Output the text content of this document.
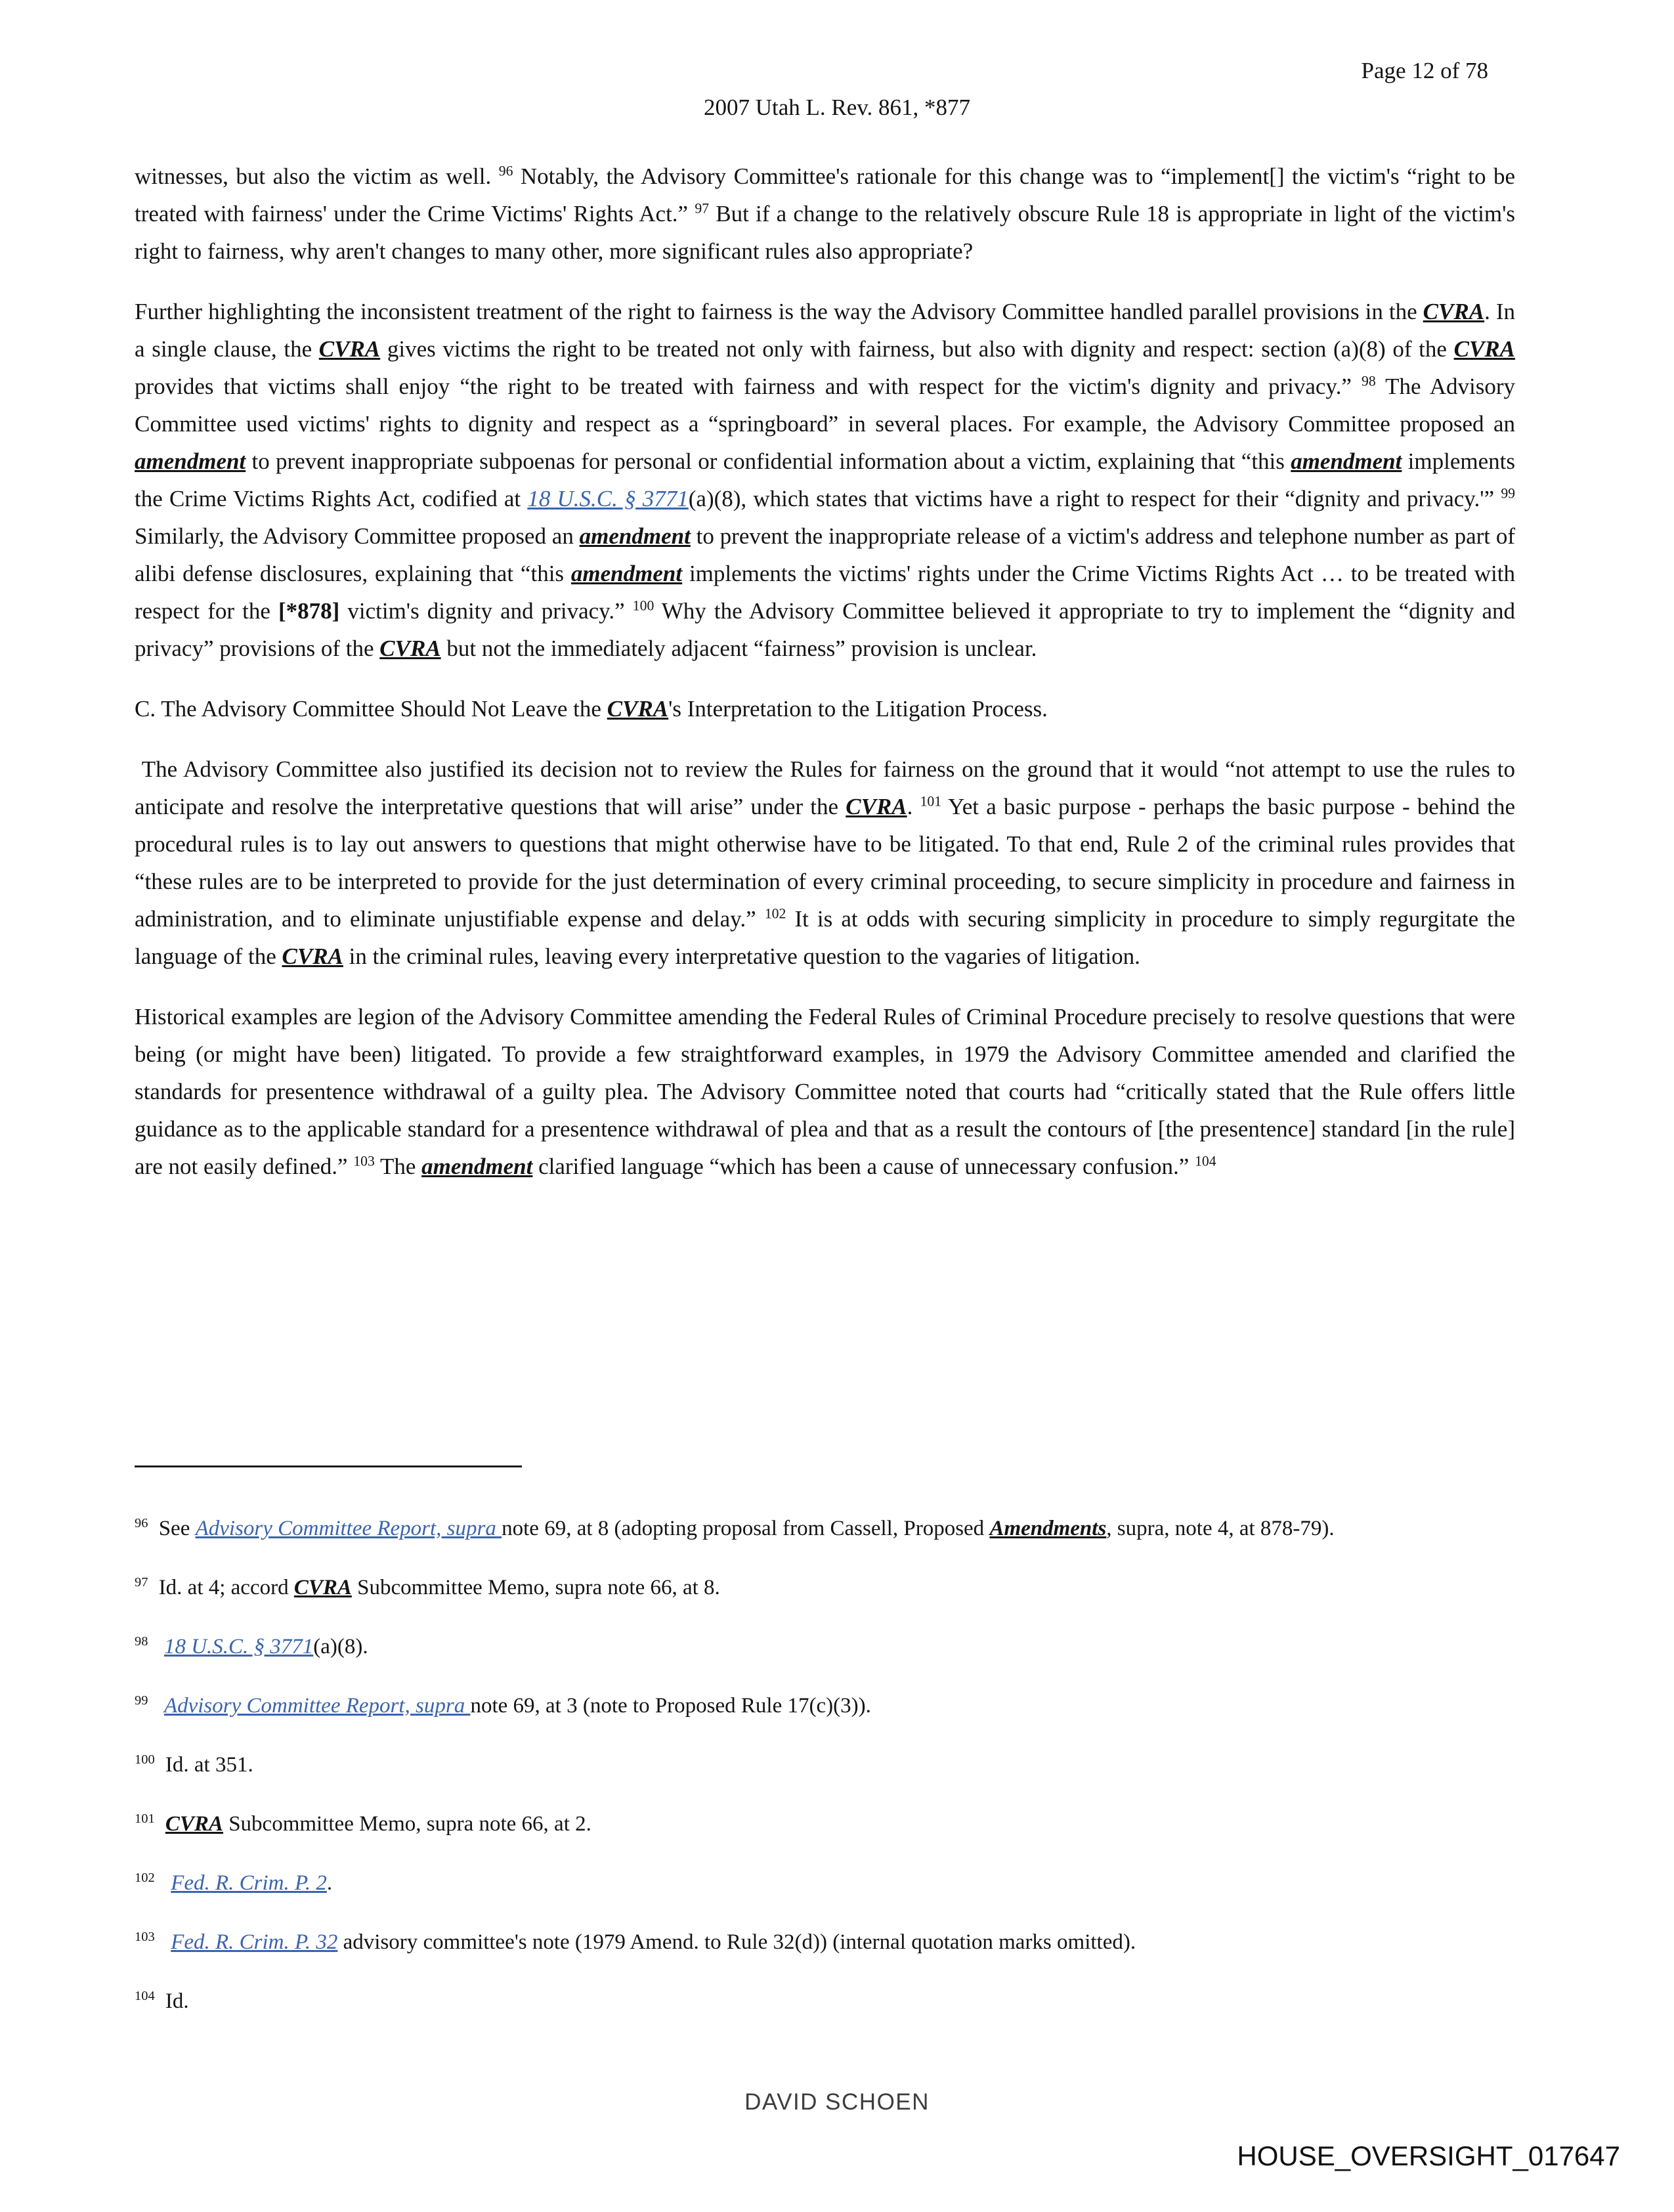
Page 12 of 78
2007 Utah L. Rev. 861, *877

witnesses, but also the victim as well. $^{96}$ Notably, the Advisory Committee's rationale for this change was to “implement[] the victim's “right to be treated with fairness' under the Crime Victims' Rights Act.” $^{97}$ But if a change to the relatively obscure Rule 18 is appropriate in light of the victim's right to fairness, why aren't changes to many other, more significant rules also appropriate?

Further highlighting the inconsistent treatment of the right to fairness is the way the Advisory Committee handled parallel provisions in the CVRA. In a single clause, the CVRA gives victims the right to be treated not only with fairness, but also with dignity and respect: section (a)(8) of the CVRA provides that victims shall enjoy “the right to be treated with fairness and with respect for the victim's dignity and privacy.” $^{98}$ The Advisory Committee used victims' rights to dignity and respect as a “springboard” in several places. For example, the Advisory Committee proposed an amendment to prevent inappropriate subpoenas for personal or confidential information about a victim, explaining that “this amendment implements the Crime Victims Rights Act, codified at 18 U.S.C. § 3771(a)(8), which states that victims have a right to respect for their “dignity and privacy.'” $^{99}$ Similarly, the Advisory Committee proposed an amendment to prevent the inappropriate release of a victim's address and telephone number as part of alibi defense disclosures, explaining that “this amendment implements the victims' rights under the Crime Victims Rights Act … to be treated with respect for the [*878] victim's dignity and privacy.” $^{100}$ Why the Advisory Committee believed it appropriate to try to implement the “dignity and privacy” provisions of the CVRA but not the immediately adjacent “fairness” provision is unclear.

C. The Advisory Committee Should Not Leave the CVRA's Interpretation to the Litigation Process.

The Advisory Committee also justified its decision not to review the Rules for fairness on the ground that it would “not attempt to use the rules to anticipate and resolve the interpretative questions that will arise” under the CVRA. $^{101}$ Yet a basic purpose - perhaps the basic purpose - behind the procedural rules is to lay out answers to questions that might otherwise have to be litigated. To that end, Rule 2 of the criminal rules provides that “these rules are to be interpreted to provide for the just determination of every criminal proceeding, to secure simplicity in procedure and fairness in administration, and to eliminate unjustifiable expense and delay.” $^{102}$ It is at odds with securing simplicity in procedure to simply regurgitate the language of the CVRA in the criminal rules, leaving every interpretative question to the vagaries of litigation.

Historical examples are legion of the Advisory Committee amending the Federal Rules of Criminal Procedure precisely to resolve questions that were being (or might have been) litigated. To provide a few straightforward examples, in 1979 the Advisory Committee amended and clarified the standards for presentence withdrawal of a guilty plea. The Advisory Committee noted that courts had “critically stated that the Rule offers little guidance as to the applicable standard for a presentence withdrawal of plea and that as a result the contours of [the presentence] standard [in the rule] are not easily defined.” $^{103}$ The amendment clarified language “which has been a cause of unnecessary confusion.” $^{104}$

$^{96}$ See Advisory Committee Report, supra note 69, at 8 (adopting proposal from Cassell, Proposed Amendments, supra, note 4, at 878-79).

$^{97}$ Id. at 4; accord CVRA Subcommittee Memo, supra note 66, at 8.

$^{98}$ 18 U.S.C. § 3771(a)(8).

$^{99}$ Advisory Committee Report, supra note 69, at 3 (note to Proposed Rule 17(c)(3)).

$^{100}$ Id. at 351.

$^{101}$ CVRA Subcommittee Memo, supra note 66, at 2.

$^{102}$ Fed. R. Crim. P. 2.

$^{103}$ Fed. R. Crim. P. 32 advisory committee's note (1979 Amend. to Rule 32(d)) (internal quotation marks omitted).

$^{104}$ Id.

DAVID SCHOEN
HOUSE_OVERSIGHT_017647
